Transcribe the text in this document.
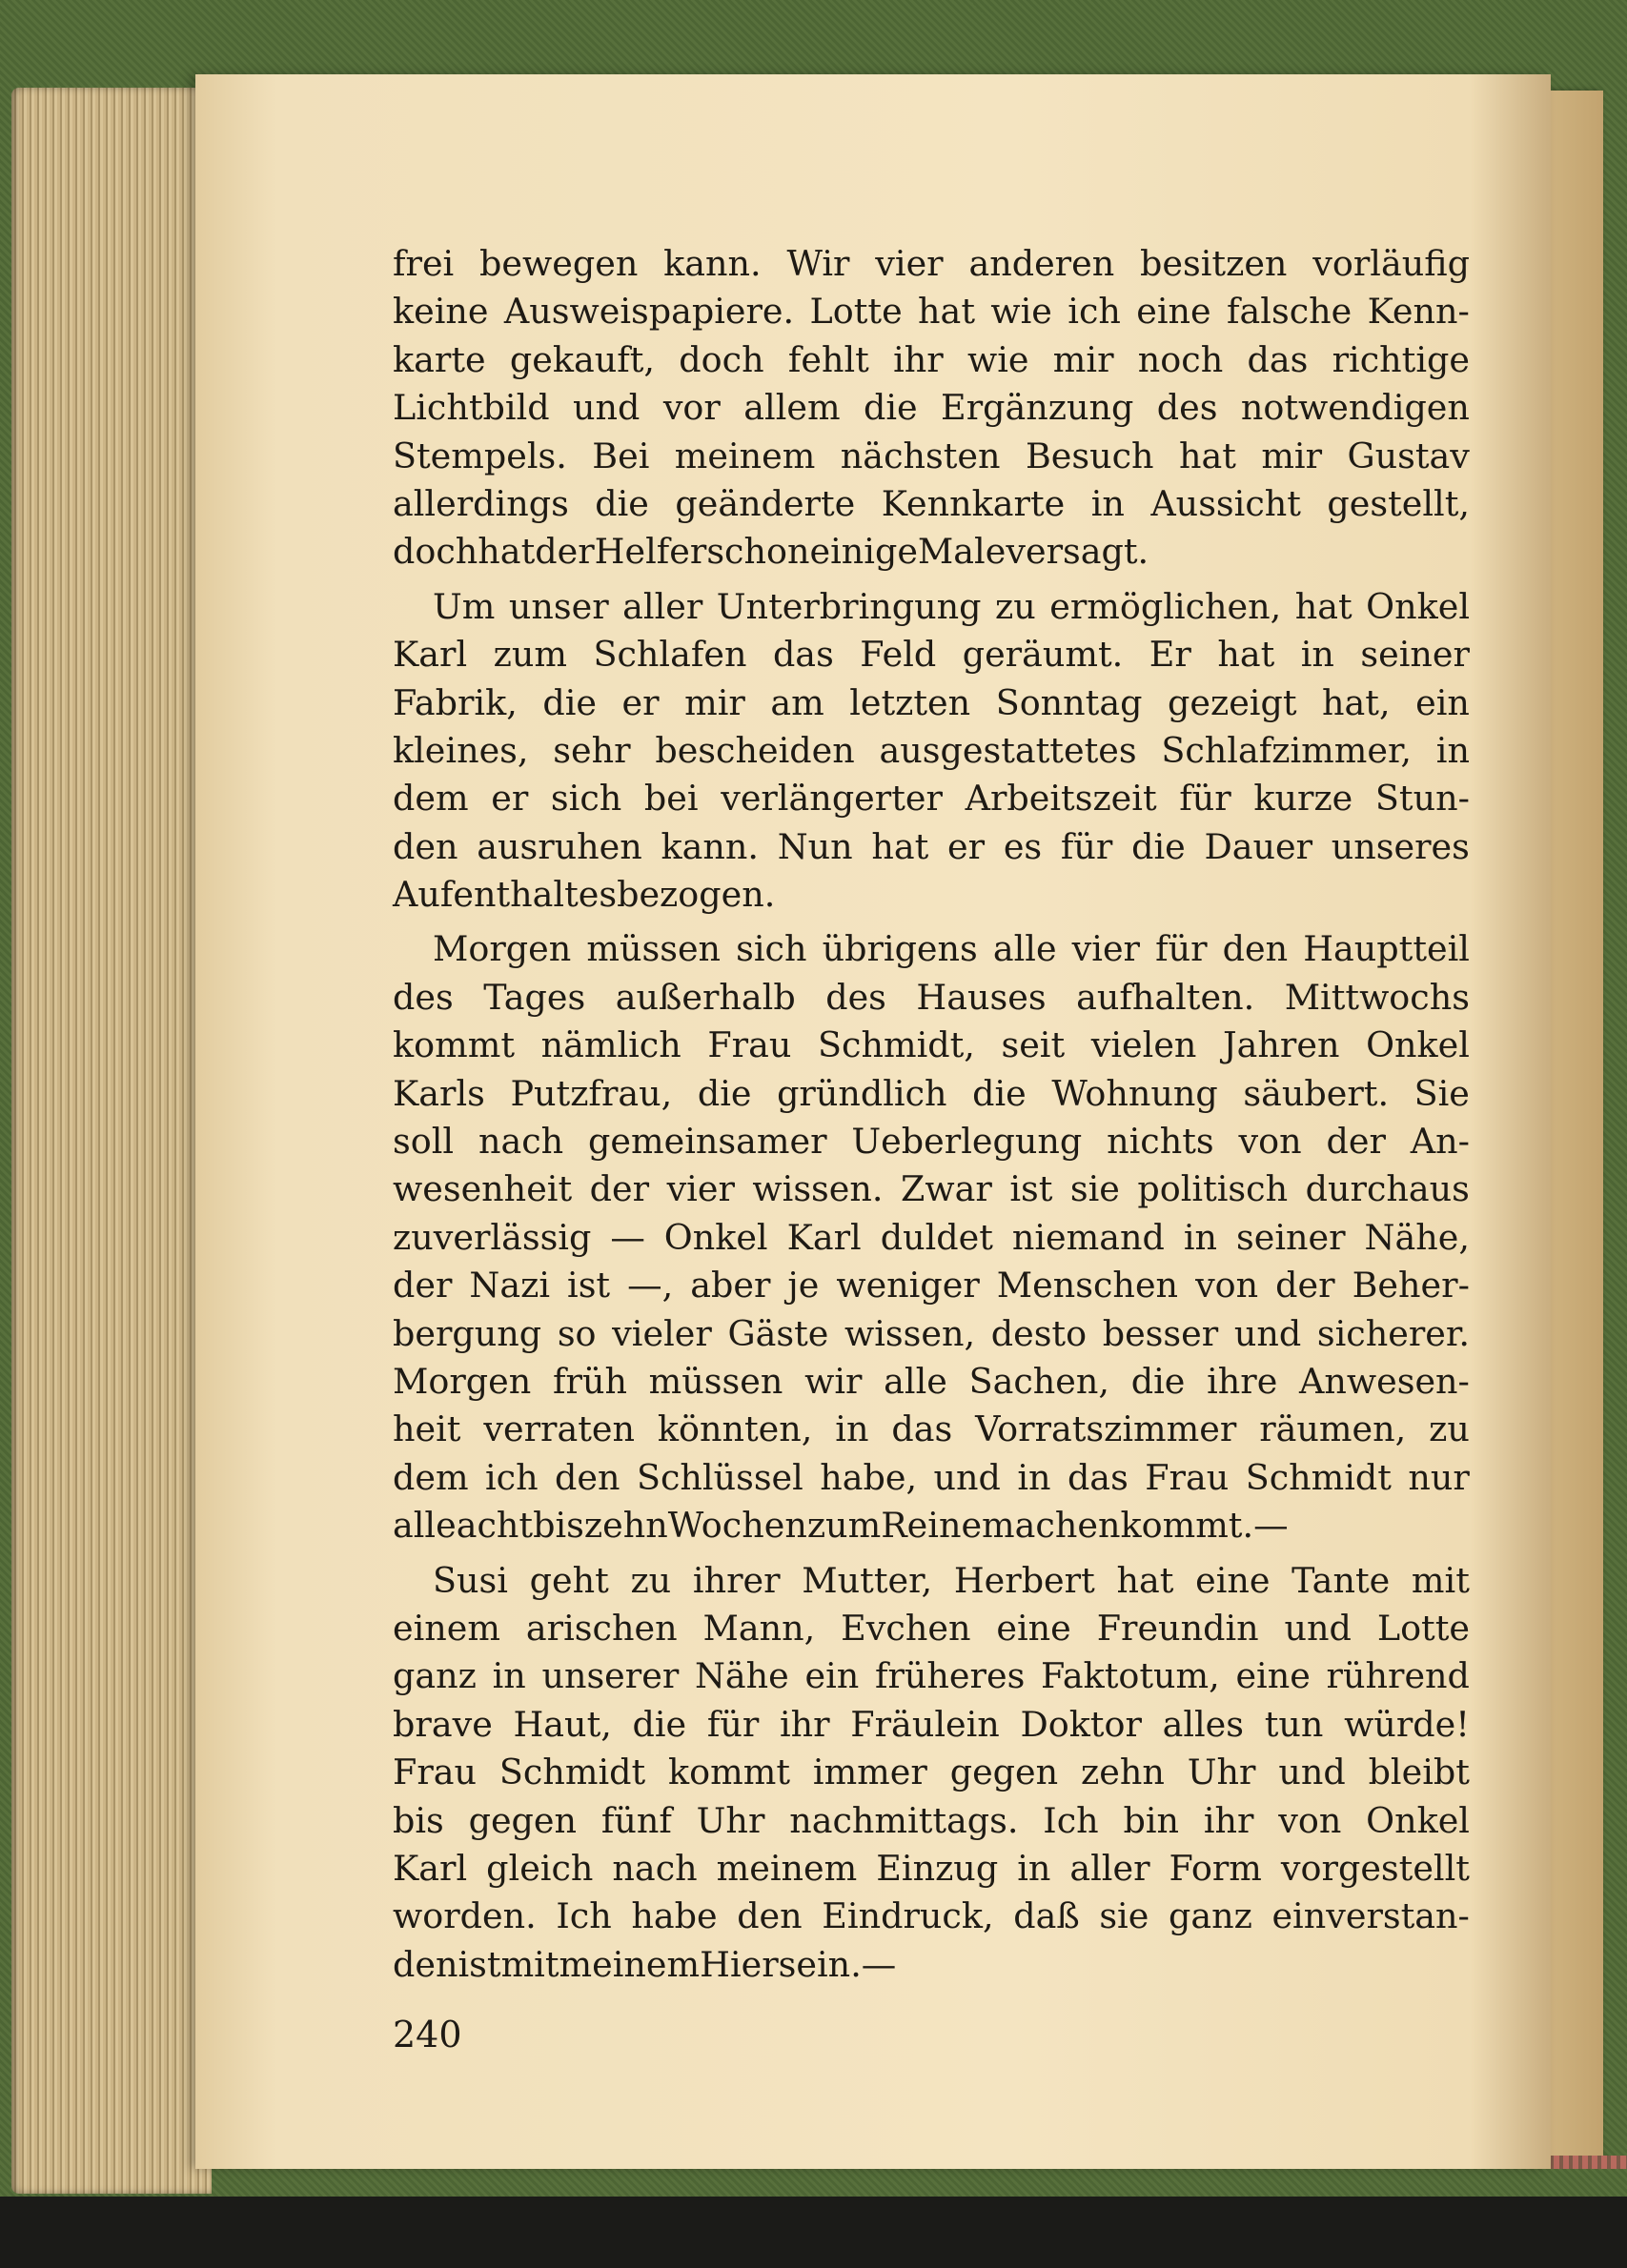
frei bewegen kann. Wir vier anderen besitzen vorläufig
keine Ausweispapiere. Lotte hat wie ich eine falsche Kenn-
karte gekauft, doch fehlt ihr wie mir noch das richtige
Lichtbild und vor allem die Ergänzung des notwendigen
Stempels. Bei meinem nächsten Besuch hat mir Gustav
allerdings die geänderte Kennkarte in Aussicht gestellt,
doch hat der Helfer schon einige Male versagt.
Um unser aller Unterbringung zu ermöglichen, hat Onkel
Karl zum Schlafen das Feld geräumt. Er hat in seiner
Fabrik, die er mir am letzten Sonntag gezeigt hat, ein
kleines, sehr bescheiden ausgestattetes Schlafzimmer, in
dem er sich bei verlängerter Arbeitszeit für kurze Stun-
den ausruhen kann. Nun hat er es für die Dauer unseres
Aufenthaltes bezogen.
Morgen müssen sich übrigens alle vier für den Hauptteil
des Tages außerhalb des Hauses aufhalten. Mittwochs
kommt nämlich Frau Schmidt, seit vielen Jahren Onkel
Karls Putzfrau, die gründlich die Wohnung säubert. Sie
soll nach gemeinsamer Ueberlegung nichts von der An-
wesenheit der vier wissen. Zwar ist sie politisch durchaus
zuverlässig — Onkel Karl duldet niemand in seiner Nähe,
der Nazi ist —, aber je weniger Menschen von der Beher-
bergung so vieler Gäste wissen, desto besser und sicherer.
Morgen früh müssen wir alle Sachen, die ihre Anwesen-
heit verraten könnten, in das Vorratszimmer räumen, zu
dem ich den Schlüssel habe, und in das Frau Schmidt nur
alle acht bis zehn Wochen zum Reinemachen kommt. —
Susi geht zu ihrer Mutter, Herbert hat eine Tante mit
einem arischen Mann, Evchen eine Freundin und Lotte
ganz in unserer Nähe ein früheres Faktotum, eine rührend
brave Haut, die für ihr Fräulein Doktor alles tun würde!
Frau Schmidt kommt immer gegen zehn Uhr und bleibt
bis gegen fünf Uhr nachmittags. Ich bin ihr von Onkel
Karl gleich nach meinem Einzug in aller Form vorgestellt
worden. Ich habe den Eindruck, daß sie ganz einverstan-
den ist mit meinem Hiersein. —
240
